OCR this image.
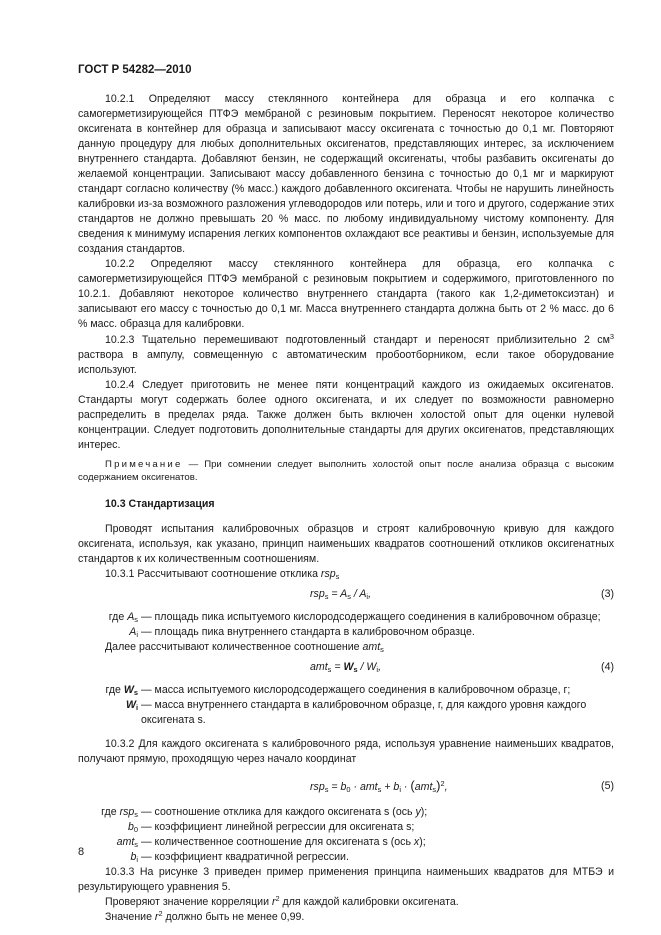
ГОСТ Р 54282—2010

10.2.1 Определяют массу стеклянного контейнера для образца и его колпачка с самогерметизирующейся ПТФЭ мембраной с резиновым покрытием. Переносят некоторое количество оксигената в контейнер для образца и записывают массу оксигената с точностью до 0,1 мг. Повторяют данную процедуру для любых дополнительных оксигенатов, представляющих интерес, за исключением внутреннего стандарта. Добавляют бензин, не содержащий оксигенаты, чтобы разбавить оксигенаты до желаемой концентрации. Записывают массу добавленного бензина с точностью до 0,1 мг и маркируют стандарт согласно количеству (% масс.) каждого добавленного оксигената. Чтобы не нарушить линейность калибровки из-за возможного разложения углеводородов или потерь, или и того и другого, содержание этих стандартов не должно превышать 20 % масс. по любому индивидуальному чистому компоненту. Для сведения к минимуму испарения легких компонентов охлаждают все реактивы и бензин, используемые для создания стандартов.

10.2.2 Определяют массу стеклянного контейнера для образца, его колпачка с самогерметизирующейся ПТФЭ мембраной с резиновым покрытием и содержимого, приготовленного по 10.2.1. Добавляют некоторое количество внутреннего стандарта (такого как 1,2-диметоксиэтан) и записывают его массу с точностью до 0,1 мг. Масса внутреннего стандарта должна быть от 2 % масс. до 6 % масс. образца для калибровки.

10.2.3 Тщательно перемешивают подготовленный стандарт и переносят приблизительно 2 $см^3$ раствора в ампулу, совмещенную с автоматическим пробоотборником, если такое оборудование используют.

10.2.4 Следует приготовить не менее пяти концентраций каждого из ожидаемых оксигенатов. Стандарты могут содержать более одного оксигената, и их следует по возможности равномерно распределить в пределах ряда. Также должен быть включен холостой опыт для оценки нулевой концентрации. Следует подготовить дополнительные стандарты для других оксигенатов, представляющих интерес.

Примечание — При сомнении следует выполнить холостой опыт после анализа образца с высоким содержанием оксигенатов.

10.3 Стандартизация

Проводят испытания калибровочных образцов и строят калибровочную кривую для каждого оксигената, используя, как указано, принцип наименьших квадратов соотношений откликов оксигенатных стандартов к их количественным соотношениям.

10.3.1 Рассчитывают соотношение отклика rsp$_s$

$rsp_s = A_s / A_i$,	(3)
где $A_s$ — площадь пика испытуемого кислородсодержащего соединения в калибровочном образце;
$A_i$ — площадь пика внутреннего стандарта в калибровочном образце.

Далее рассчитывают количественное соотношение amt$_s$

$amt_s = W_s / W_i$,	(4)
где $W_s$ — масса испытуемого кислородсодержащего соединения в калибровочном образце, г;
$W_i$ — масса внутреннего стандарта в калибровочном образце, г, для каждого уровня каждого оксигената s.

10.3.2 Для каждого оксигената s калибровочного ряда, используя уравнение наименьших квадратов, получают прямую, проходящую через начало координат

$rsp_s = b_0 \cdot amt_s + b_i \cdot (amt_s)^2$,	(5)
где rsp$_s$ — соотношение отклика для каждого оксигената s (ось y);
$b_0$ — коэффициент линейной регрессии для оксигената s;
amt$_s$ — количественное соотношение для оксигената s (ось x);
$b_i$ — коэффициент квадратичной регрессии.

10.3.3 На рисунке 3 приведен пример применения принципа наименьших квадратов для МТБЭ и результирующего уравнения 5.

Проверяют значение корреляции $r^2$ для каждой калибровки оксигената.

Значение $r^2$ должно быть не менее 0,99.

8
